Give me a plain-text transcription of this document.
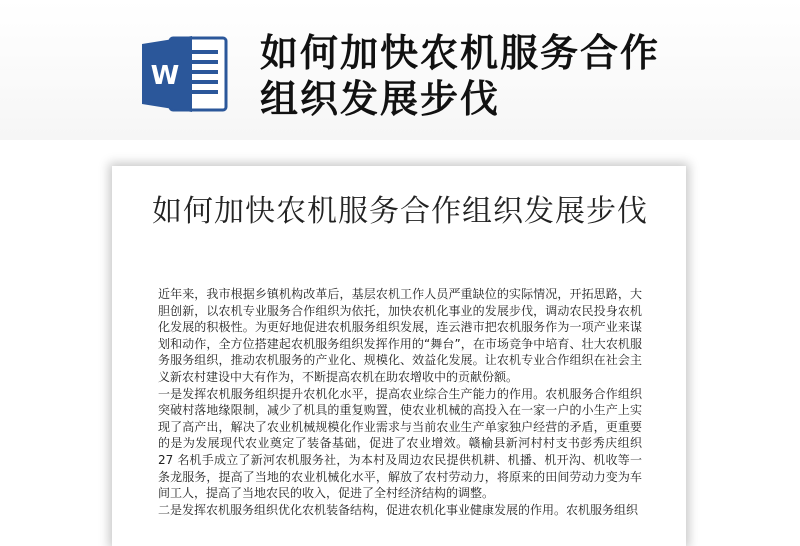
W
如何加快农机服务合作组织发展步伐
如何加快农机服务合作组织发展步伐

近年来，我市根据乡镇机构改革后，基层农机工作人员严重缺位的实际情况，开拓思路，大胆创新，以农机专业服务合作组织为依托，加快农机化事业的发展步伐，调动农民投身农机化发展的积极性。为更好地促进农机服务组织发展，连云港市把农机服务作为一项产业来谋划和动作，全方位搭建起农机服务组织发挥作用的“舞台”，在市场竞争中培育、壮大农机服务服务组织，推动农机服务的产业化、规模化、效益化发展。让农机专业合作组织在社会主义新农村建设中大有作为，不断提高农机在助农增收中的贡献份额。

一是发挥农机服务组织提升农机化水平，提高农业综合生产能力的作用。农机服务合作组织突破村落地缘限制，减少了机具的重复购置，使农业机械的高投入在一家一户的小生产上实现了高产出，解决了农业机械规模化作业需求与当前农业生产单家独户经营的矛盾，更重要的是为发展现代农业奠定了装备基础，促进了农业增效。赣榆县新河村村支书彭秀庆组织 27 名机手成立了新河农机服务社，为本村及周边农民提供机耕、机播、机开沟、机收等一条龙服务，提高了当地的农业机械化水平，解放了农村劳动力，将原来的田间劳动力变为车间工人，提高了当地农民的收入，促进了全村经济结构的调整。

二是发挥农机服务组织优化农机装备结构，促进农机化事业健康发展的作用。农机服务组织
